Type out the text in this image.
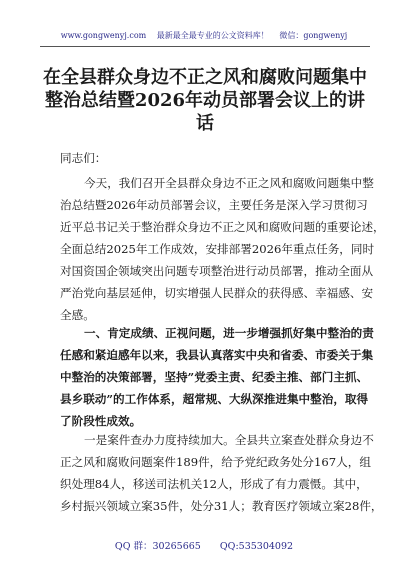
www.gongwenyj.com 最新最全最专业的公文资料库！ 微信：gongwenyj
在全县群众身边不正之风和腐败问题集中
整治总结暨2026年动员部署会议上的讲
话
同志们：
今天，我们召开全县群众身边不正之风和腐败问题集中整
治总结暨2026年动员部署会议，主要任务是深入学习贯彻习
近平总书记关于整治群众身边不正之风和腐败问题的重要论述，
全面总结2025年工作成效，安排部署2026年重点任务，同时
对国资国企领域突出问题专项整治进行动员部署，推动全面从
严治党向基层延伸，切实增强人民群众的获得感、幸福感、安
全感。
一、肯定成绩、正视问题，进一步增强抓好集中整治的责
任感和紧迫感年以来，我县认真落实中央和省委、市委关于集
中整治的决策部署，坚持”党委主责、纪委主推、部门主抓、
县乡联动”的工作体系，超常规、大纵深推进集中整治，取得
了阶段性成效。
一是案件查办力度持续加大。全县共立案查处群众身边不
正之风和腐败问题案件189件，给予党纪政务处分167人，组
织处理84人，移送司法机关12人，形成了有力震慑。其中，
乡村振兴领域立案35件，处分31人；教育医疗领域立案28件，
QQ 群：30265665 QQ:535304092
